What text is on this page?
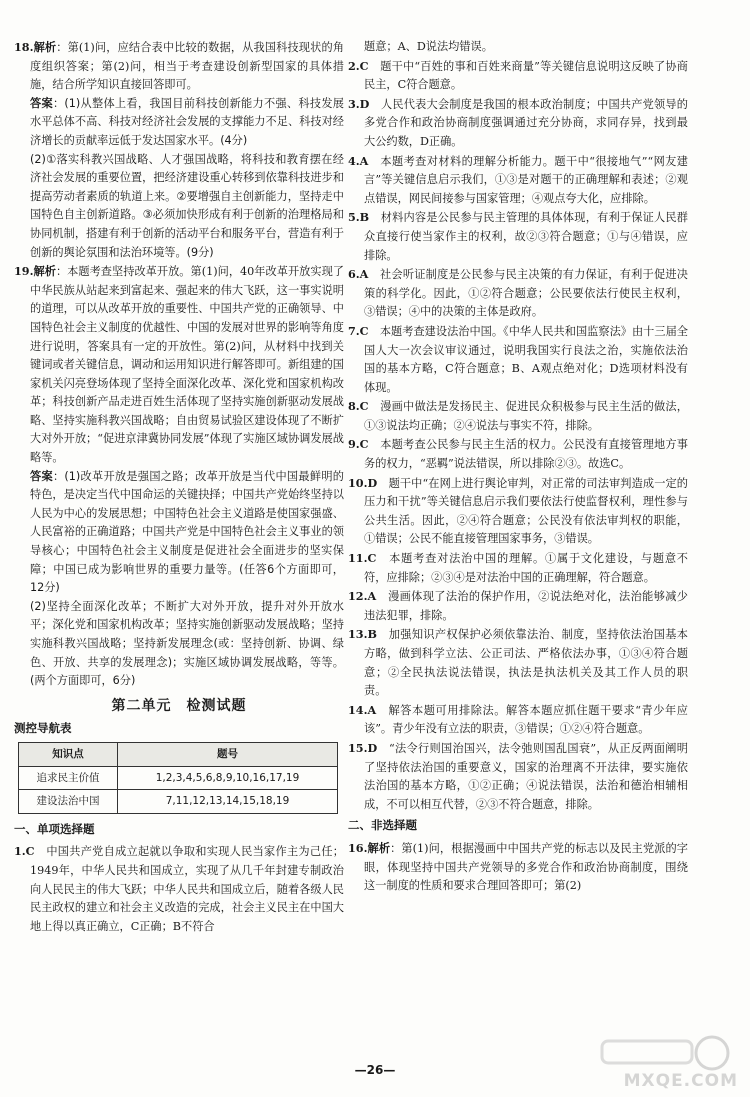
18.解析：第(1)问，应结合表中比较的数据，从我国科技现状的角度组织答案；第(2)问，相当于考查建设创新型国家的具体措施，结合所学知识直接回答即可。

答案：(1)从整体上看，我国目前科技创新能力不强、科技发展水平总体不高、科技对经济社会发展的支撑能力不足、科技对经济增长的贡献率远低于发达国家水平。(4分)

(2)①落实科教兴国战略、人才强国战略，将科技和教育摆在经济社会发展的重要位置，把经济建设重心转移到依靠科技进步和提高劳动者素质的轨道上来。②要增强自主创新能力，坚持走中国特色自主创新道路。③必须加快形成有利于创新的治理格局和协同机制，搭建有利于创新的活动平台和服务平台，营造有利于创新的舆论氛围和法治环境等。(9分)

19.解析：本题考查坚持改革开放。第(1)问，40年改革开放实现了中华民族从站起来到富起来、强起来的伟大飞跃，这一事实说明的道理，可以从改革开放的重要性、中国共产党的正确领导、中国特色社会主义制度的优越性、中国的发展对世界的影响等角度进行说明，答案具有一定的开放性。第(2)问，从材料中找到关键词或者关键信息，调动和运用知识进行解答即可。新组建的国家机关闪亮登场体现了坚持全面深化改革、深化党和国家机构改革；科技创新产品走进百姓生活体现了坚持实施创新驱动发展战略、坚持实施科教兴国战略；自由贸易试验区建设体现了不断扩大对外开放；“促进京津冀协同发展”体现了实施区域协调发展战略等。

答案：(1)改革开放是强国之路；改革开放是当代中国最鲜明的特色，是决定当代中国命运的关键抉择；中国共产党始终坚持以人民为中心的发展思想；中国特色社会主义道路是使国家强盛、人民富裕的正确道路；中国共产党是中国特色社会主义事业的领导核心；中国特色社会主义制度是促进社会全面进步的坚实保障；中国已成为影响世界的重要力量等。(任答6个方面即可，12分)

(2)坚持全面深化改革；不断扩大对外开放，提升对外开放水平；深化党和国家机构改革；坚持实施创新驱动发展战略；坚持实施科教兴国战略；坚持新发展理念(或：坚持创新、协调、绿色、开放、共享的发展理念)；实施区域协调发展战略，等等。(两个方面即可，6分)

第二单元　检测试题
测控导航表
知识点	题号
追求民主价值	1,2,3,4,5,6,8,9,10,16,17,19
建设法治中国	7,11,12,13,14,15,18,19
一、单项选择题

1.C　 中国共产党自成立起就以争取和实现人民当家作主为己任；1949年，中华人民共和国成立，实现了从几千年封建专制政治向人民民主的伟大飞跃；中华人民共和国成立后，随着各级人民民主政权的建立和社会主义改造的完成，社会主义民主在中国大地上得以真正确立，C正确；B不符合

题意；A、D说法均错误。

2.C　 题干中“百姓的事和百姓来商量”等关键信息说明这反映了协商民主，C符合题意。

3.D　 人民代表大会制度是我国的根本政治制度；中国共产党领导的多党合作和政治协商制度强调通过充分协商，求同存异，找到最大公约数，D正确。

4.A　 本题考查对材料的理解分析能力。题干中“很接地气”“网友建言”等关键信息启示我们，①③是对题干的正确理解和表述；②观点错误，网民间接参与国家管理；④观点夸大化，应排除。

5.B　 材料内容是公民参与民主管理的具体体现，有利于保证人民群众直接行使当家作主的权利，故②③符合题意；①与④错误，应排除。

6.A　 社会听证制度是公民参与民主决策的有力保证，有利于促进决策的科学化。因此，①②符合题意；公民要依法行使民主权利，③错误；④中的决策的主体是政府。

7.C　 本题考查建设法治中国。《中华人民共和国监察法》由十三届全国人大一次会议审议通过，说明我国实行良法之治，实施依法治国的基本方略，C符合题意；B、A观点绝对化；D选项材料没有体现。

8.C　 漫画中做法是发扬民主、促进民众积极参与民主生活的做法，①③说法均正确；②④说法与事实不符，排除。

9.C　 本题考查公民参与民主生活的权力。公民没有直接管理地方事务的权力，“恶羁”说法错误，所以排除②③。故选C。

10.D　 题干中“在网上进行舆论审判，对正常的司法审判造成一定的压力和干扰”等关键信息启示我们要依法行使监督权利，理性参与公共生活。因此，②④符合题意；公民没有依法审判权的职能，①错误；公民不能直接管理国家事务，③错误。

11.C　 本题考查对法治中国的理解。①属于文化建设，与题意不符，应排除；②③④是对法治中国的正确理解，符合题意。

12.A　 漫画体现了法治的保护作用，②说法绝对化，法治能够减少违法犯罪，排除。

13.B　 加强知识产权保护必须依靠法治、制度，坚持依法治国基本方略，做到科学立法、公正司法、严格依法办事，①③④符合题意；②全民执法说法错误，执法是执法机关及其工作人员的职责。

14.A　 解答本题可用排除法。解答本题应抓住题干要求“青少年应该”。青少年没有立法的职责，③错误；①②④符合题意。

15.D　 “法令行则国治国兴，法令弛则国乱国衰”，从正反两面阐明了坚持依法治国的重要意义，国家的治理离不开法律，要实施依法治国的基本方略，①②正确；④说法错误，法治和德治相辅相成，不可以相互代替，②③不符合题意，排除。

二、非选择题

16.解析：第(1)问，根据漫画中中国共产党的标志以及民主党派的字眼，体现坚持中国共产党领导的多党合作和政治协商制度，围绕这一制度的性质和要求合理回答即可；第(2)

—26—
MXQE.COM
